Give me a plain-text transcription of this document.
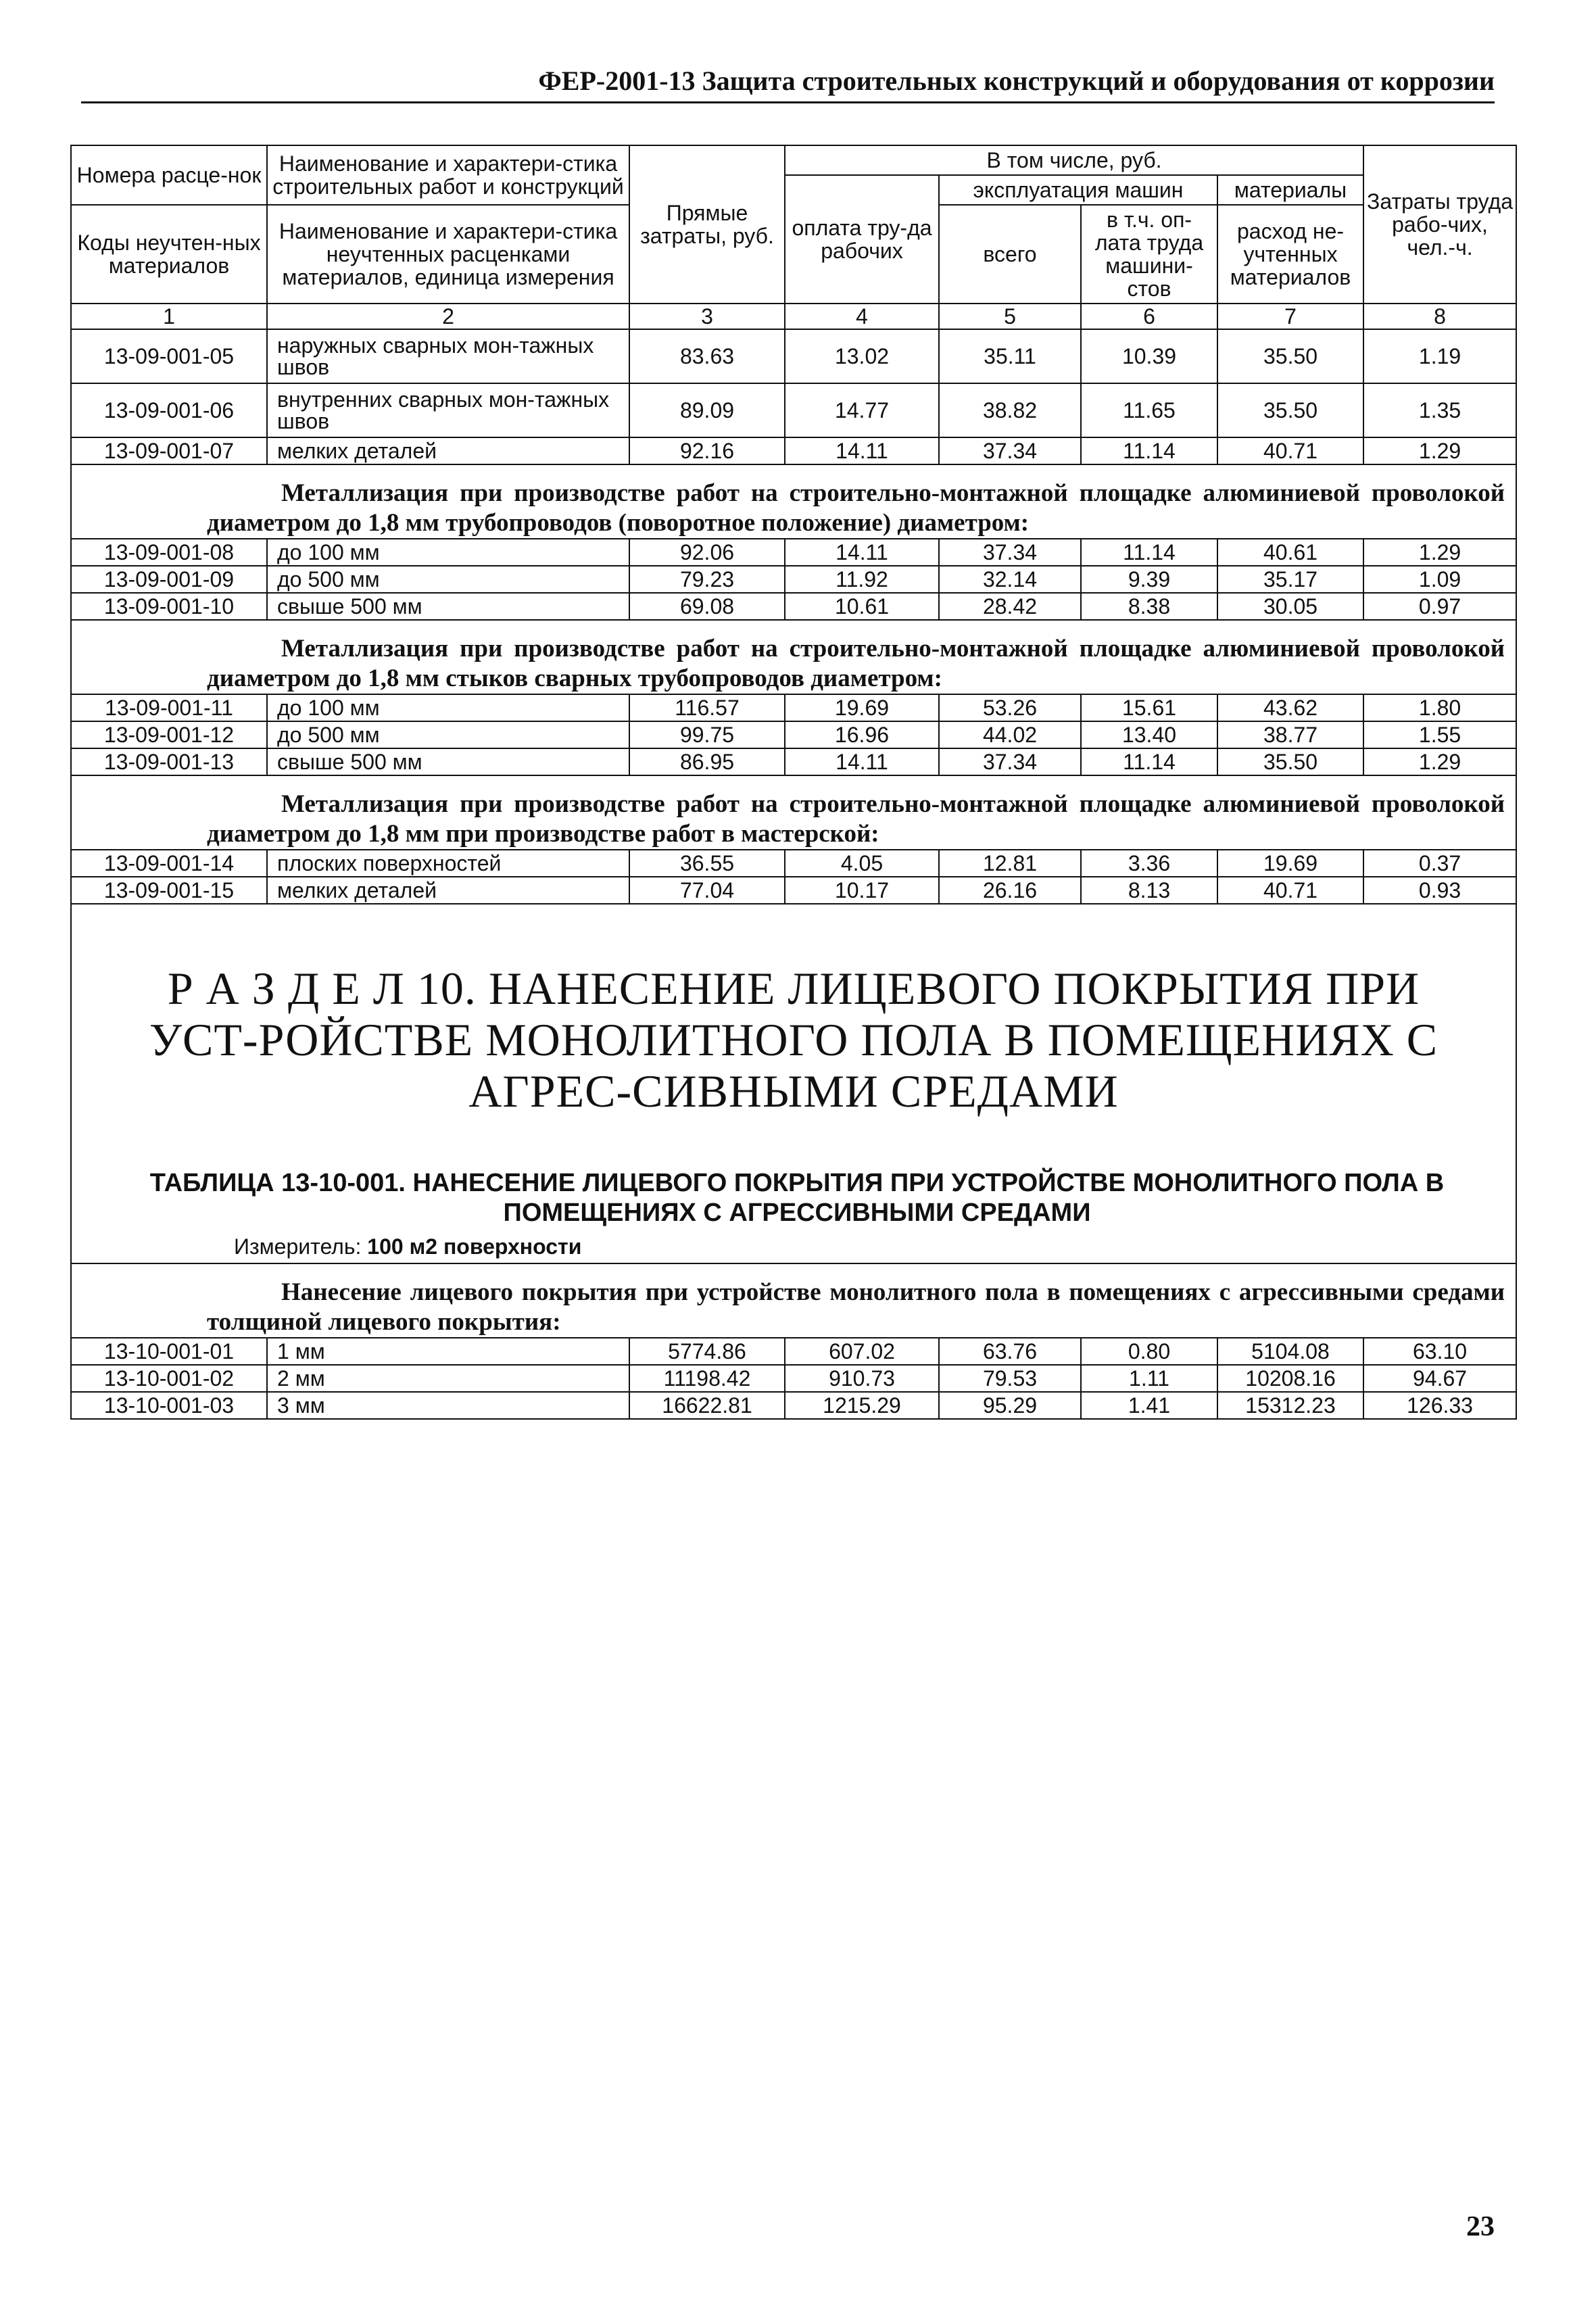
ФЕР-2001-13 Защита строительных конструкций и оборудования от коррозии
Номера расце-нок	Наименование и характери-стика строительных работ и конструкций	Прямые затраты, руб.	В том числе, руб.				Затраты труда рабо-чих, чел.-ч.
			оплата тру-да рабочих	эксплуатация машин		материалы	
Коды неучтен-ных материалов	Наименование и характери-стика неучтенных расценками материалов, единица измерения			всего	в т.ч. оп-лата труда машини-стов	расход не-учтенных материалов	

1	2	3	4	5	6	7	8
13-09-001-05	наружных сварных мон-тажных швов	83.63	13.02	35.11	10.39	35.50	1.19
13-09-001-06	внутренних сварных мон-тажных швов	89.09	14.77	38.82	11.65	35.50	1.35
13-09-001-07	мелких деталей	92.16	14.11	37.34	11.14	40.71	1.29
Металлизация при производстве работ на строительно-монтажной площадке алюминиевой проволокой диаметром до 1,8 мм трубопроводов (поворотное положение) диаметром:							
13-09-001-08	до 100 мм	92.06	14.11	37.34	11.14	40.61	1.29
13-09-001-09	до 500 мм	79.23	11.92	32.14	9.39	35.17	1.09
13-09-001-10	свыше 500 мм	69.08	10.61	28.42	8.38	30.05	0.97
Металлизация при производстве работ на строительно-монтажной площадке алюминиевой проволокой диаметром до 1,8 мм стыков сварных трубопроводов диаметром:							
13-09-001-11	до 100 мм	116.57	19.69	53.26	15.61	43.62	1.80
13-09-001-12	до 500 мм	99.75	16.96	44.02	13.40	38.77	1.55
13-09-001-13	свыше 500 мм	86.95	14.11	37.34	11.14	35.50	1.29
Металлизация при производстве работ на строительно-монтажной площадке алюминиевой проволокой диаметром до 1,8 мм при производстве работ в мастерской:							
13-09-001-14	плоских поверхностей	36.55	4.05	12.81	3.36	19.69	0.37
13-09-001-15	мелких деталей	77.04	10.17	26.16	8.13	40.71	0.93

Р А З Д Е Л 10. НАНЕСЕНИЕ ЛИЦЕВОГО ПОКРЫТИЯ ПРИ УСТ-РОЙСТВЕ МОНОЛИТНОГО ПОЛА В ПОМЕЩЕНИЯХ С АГРЕС-СИВНЫМИ СРЕДАМИ
ТАБЛИЦА 13-10-001. НАНЕСЕНИЕ ЛИЦЕВОГО ПОКРЫТИЯ ПРИ УСТРОЙСТВЕ МОНОЛИТНОГО ПОЛА В ПОМЕЩЕНИЯХ С АГРЕССИВНЫМИ СРЕДАМИ
Измеритель: 100 м2 поверхности							

Нанесение лицевого покрытия при устройстве монолитного пола в помещениях с агрессивными средами толщиной лицевого покрытия:							
13-10-001-01	1 мм	5774.86	607.02	63.76	0.80	5104.08	63.10
13-10-001-02	2 мм	11198.42	910.73	79.53	1.11	10208.16	94.67
13-10-001-03	3 мм	16622.81	1215.29	95.29	1.41	15312.23	126.33
23
